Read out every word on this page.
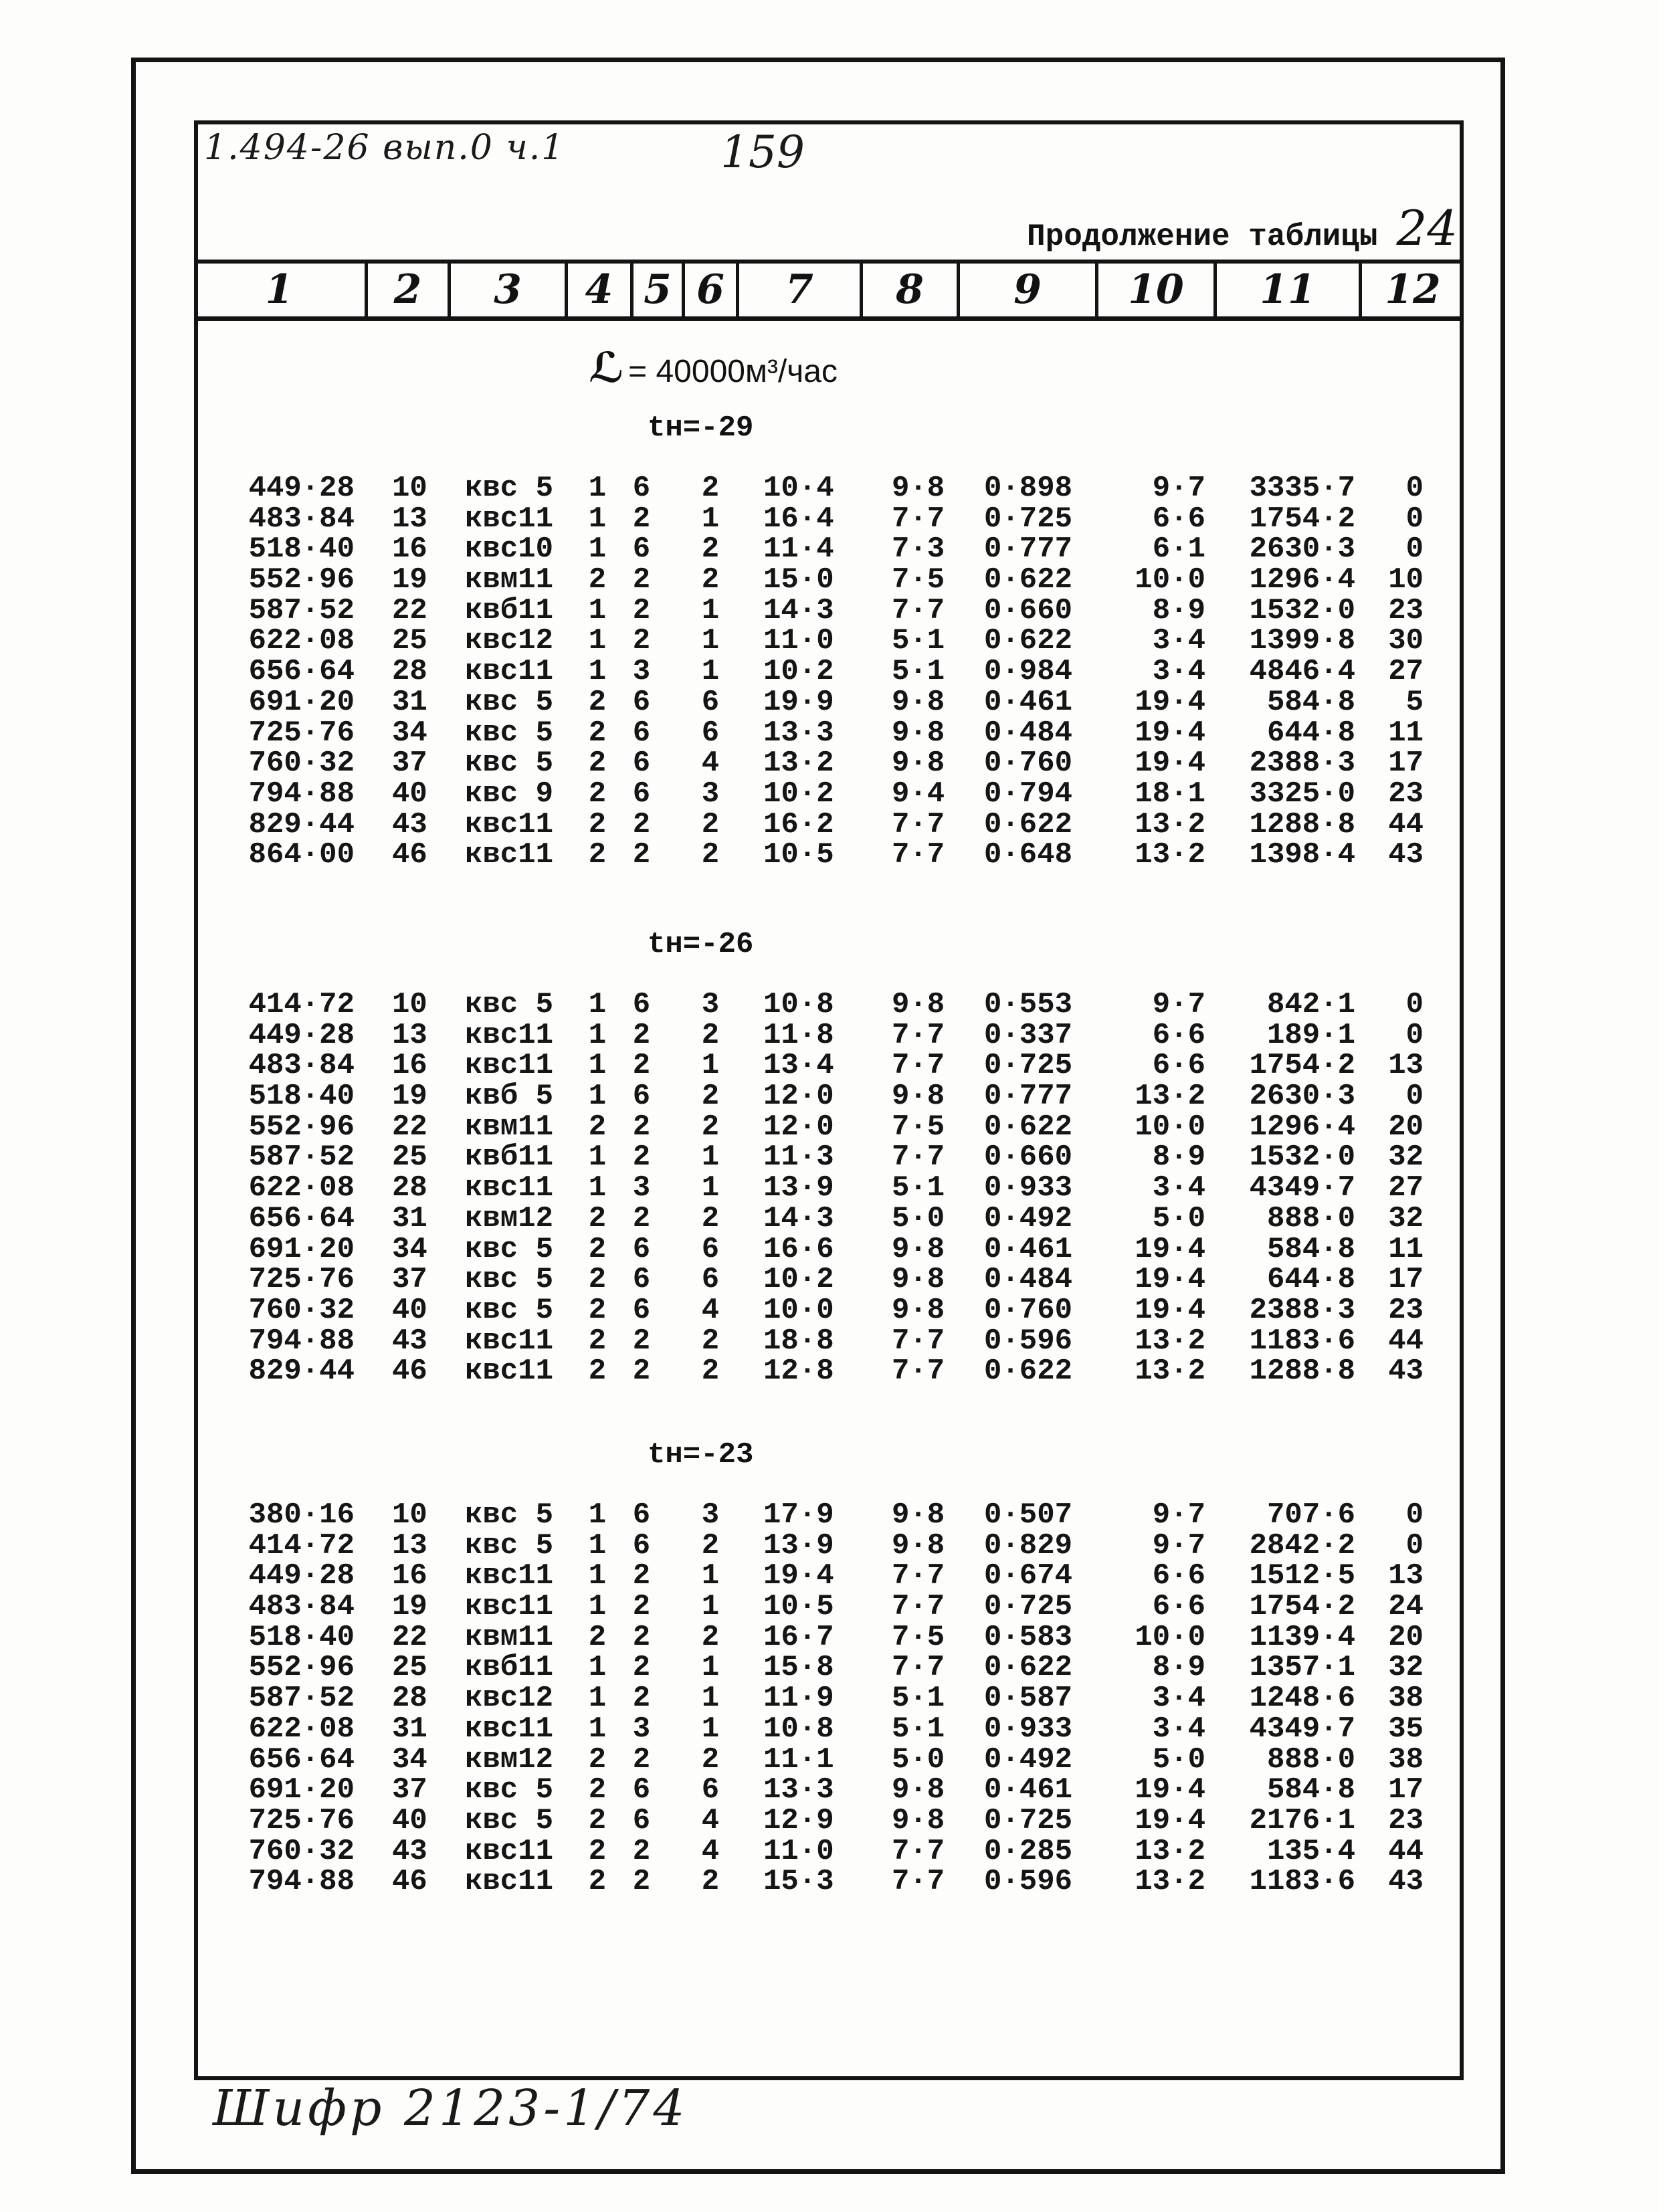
1.494-26 вып.0 ч.1	159
Продолжение таблицы 24
1	2	3	4 5 6	7	8	9	10	11	12
ℒ = 40000м³/час
tн=-29
449·28 10	квс 5	1 6	2	10·4	9·8	0·898	9·7	3335·7	0
483·84 13	квс11	1 2	1	16·4	7·7	0·725	6·6	1754·2	0
518·40 16	квс10	1 6	2	11·4	7·3	0·777	6·1	2630·3	0
552·96 19	квм11	2 2	2	15·0	7·5	0·622	10·0	1296·4	10
587·52 22	квб11	1 2	1	14·3	7·7	0·660	8·9	1532·0	23
622·08 25	квс12	1 2	1	11·0	5·1	0·622	3·4	1399·8	30
656·64 28	квс11	1 3	1	10·2	5·1	0·984	3·4	4846·4	27
691·20 31	квс 5	2 6	6	19·9	9·8	0·461	19·4	584·8	5
725·76 34	квс 5	2 6	6	13·3	9·8	0·484	19·4	644·8	11
760·32 37	квс 5	2 6	4	13·2	9·8	0·760	19·4	2388·3	17
794·88 40	квс 9	2 6	3	10·2	9·4	0·794	18·1	3325·0	23
829·44 43	квс11	2 2	2	16·2	7·7	0·622	13·2	1288·8	44
864·00 46	квс11	2 2	2	10·5	7·7	0·648	13·2	1398·4	43
tн=-26
414·72 10	квс 5	1 6	3	10·8	9·8	0·553	9·7	842·1	0
449·28 13	квс11	1 2	2	11·8	7·7	0·337	6·6	189·1	0
483·84 16	квс11	1 2	1	13·4	7·7	0·725	6·6	1754·2	13
518·40 19	квб 5	1 6	2	12·0	9·8	0·777	13·2	2630·3	0
552·96 22	квм11	2 2	2	12·0	7·5	0·622	10·0	1296·4	20
587·52 25	квб11	1 2	1	11·3	7·7	0·660	8·9	1532·0	32
622·08 28	квс11	1 3	1	13·9	5·1	0·933	3·4	4349·7	27
656·64 31	квм12	2 2	2	14·3	5·0	0·492	5·0	888·0	32
691·20 34	квс 5	2 6	6	16·6	9·8	0·461	19·4	584·8	11
725·76 37	квс 5	2 6	6	10·2	9·8	0·484	19·4	644·8	17
760·32 40	квс 5	2 6	4	10·0	9·8	0·760	19·4	2388·3	23
794·88 43	квс11	2 2	2	18·8	7·7	0·596	13·2	1183·6	44
829·44 46	квс11	2 2	2	12·8	7·7	0·622	13·2	1288·8	43
tн=-23
380·16 10	квс 5	1 6	3	17·9	9·8	0·507	9·7	707·6	0
414·72 13	квс 5	1 6	2	13·9	9·8	0·829	9·7	2842·2	0
449·28 16	квс11	1 2	1	19·4	7·7	0·674	6·6	1512·5	13
483·84 19	квс11	1 2	1	10·5	7·7	0·725	6·6	1754·2	24
518·40 22	квм11	2 2	2	16·7	7·5	0·583	10·0	1139·4	20
552·96 25	квб11	1 2	1	15·8	7·7	0·622	8·9	1357·1	32
587·52 28	квс12	1 2	1	11·9	5·1	0·587	3·4	1248·6	38
622·08 31	квс11	1 3	1	10·8	5·1	0·933	3·4	4349·7	35
656·64 34	квм12	2 2	2	11·1	5·0	0·492	5·0	888·0	38
691·20 37	квс 5	2 6	6	13·3	9·8	0·461	19·4	584·8	17
725·76 40	квс 5	2 6	4	12·9	9·8	0·725	19·4	2176·1	23
760·32 43	квс11	2 2	4	11·0	7·7	0·285	13·2	135·4	44
794·88 46	квс11	2 2	2	15·3	7·7	0·596	13·2	1183·6	43
Шифр 2123-1/74
